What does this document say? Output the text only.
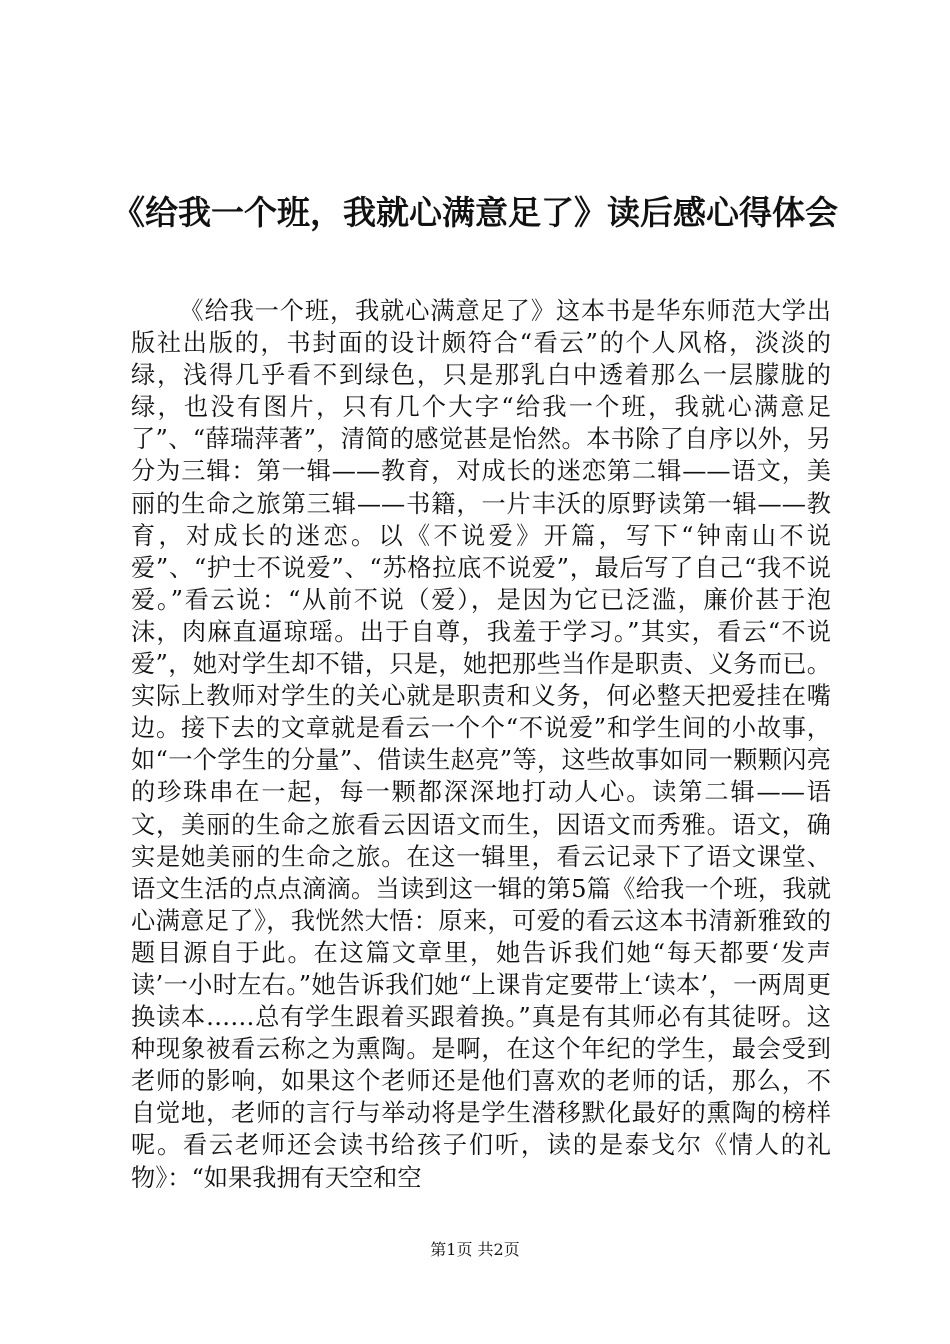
《给我一个班，我就心满意足了》读后感心得体会

《给我一个班，我就心满意足了》这本书是华东师范大学出版社出版的，书封面的设计颇符合“看云”的个人风格，淡淡的绿，浅得几乎看不到绿色，只是那乳白中透着那么一层朦胧的绿，也没有图片，只有几个大字“给我一个班，我就心满意足了”、“薛瑞萍著”，清简的感觉甚是怡然。本书除了自序以外，另分为三辑：第一辑——教育，对成长的迷恋第二辑——语文，美丽的生命之旅第三辑——书籍，一片丰沃的原野读第一辑——教育，对成长的迷恋。以《不说爱》开篇，写下“钟南山不说爱”、“护士不说爱”、“苏格拉底不说爱”，最后写了自己“我不说爱。”看云说：“从前不说（爱），是因为它已泛滥，廉价甚于泡沫，肉麻直逼琼瑶。出于自尊，我羞于学习。”其实，看云“不说爱”，她对学生却不错，只是，她把那些当作是职责、义务而已。实际上教师对学生的关心就是职责和义务，何必整天把爱挂在嘴边。接下去的文章就是看云一个个“不说爱”和学生间的小故事，如“一个学生的分量”、借读生赵亮”等，这些故事如同一颗颗闪亮的珍珠串在一起，每一颗都深深地打动人心。读第二辑——语文，美丽的生命之旅看云因语文而生，因语文而秀雅。语文，确实是她美丽的生命之旅。在这一辑里，看云记录下了语文课堂、语文生活的点点滴滴。当读到这一辑的第5篇《给我一个班，我就心满意足了》，我恍然大悟：原来，可爱的看云这本书清新雅致的题目源自于此。在这篇文章里，她告诉我们她“每天都要‘发声读’一小时左右。”她告诉我们她“上课肯定要带上‘读本’，一两周更换读本……总有学生跟着买跟着换。”真是有其师必有其徒呀。这种现象被看云称之为熏陶。是啊，在这个年纪的学生，最会受到老师的影响，如果这个老师还是他们喜欢的老师的话，那么，不自觉地，老师的言行与举动将是学生潜移默化最好的熏陶的榜样呢。看云老师还会读书给孩子们听，读的是泰戈尔《情人的礼物》：“如果我拥有天空和空

第1页 共2页
